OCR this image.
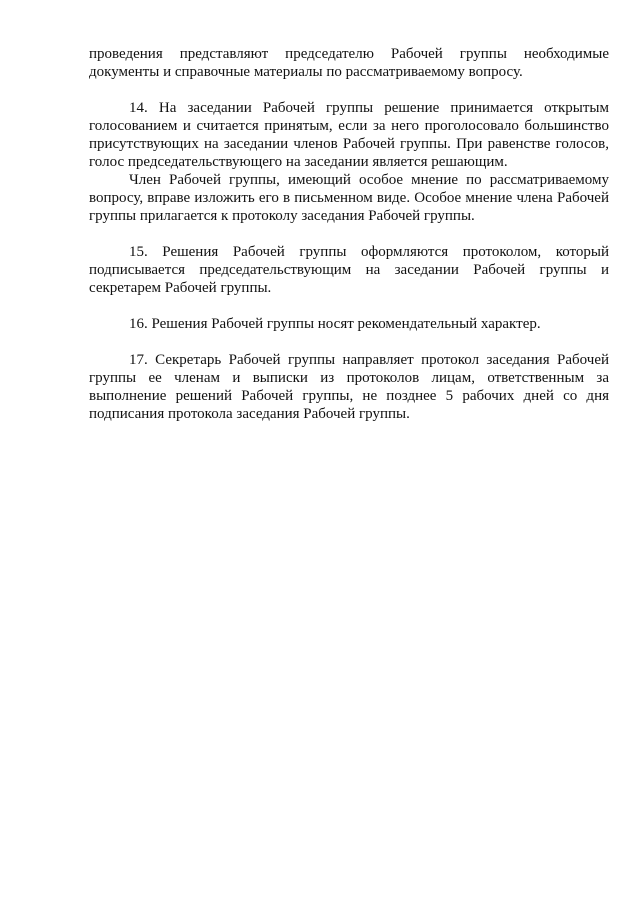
проведения представляют председателю Рабочей группы необходимые документы и справочные материалы по рассматриваемому вопросу.

14. На заседании Рабочей группы решение принимается открытым голосованием и считается принятым, если за него проголосовало большинство присутствующих на заседании членов Рабочей группы. При равенстве голосов, голос председательствующего на заседании является решающим.

Член Рабочей группы, имеющий особое мнение по рассматриваемому вопросу, вправе изложить его в письменном виде. Особое мнение члена Рабочей группы прилагается к протоколу заседания Рабочей группы.

15. Решения Рабочей группы оформляются протоколом, который подписывается председательствующим на заседании Рабочей группы и секретарем Рабочей группы.

16. Решения Рабочей группы носят рекомендательный характер.

17. Секретарь Рабочей группы направляет протокол заседания Рабочей группы ее членам и выписки из протоколов лицам, ответственным за выполнение решений Рабочей группы, не позднее 5 рабочих дней со дня подписания протокола заседания Рабочей группы.
